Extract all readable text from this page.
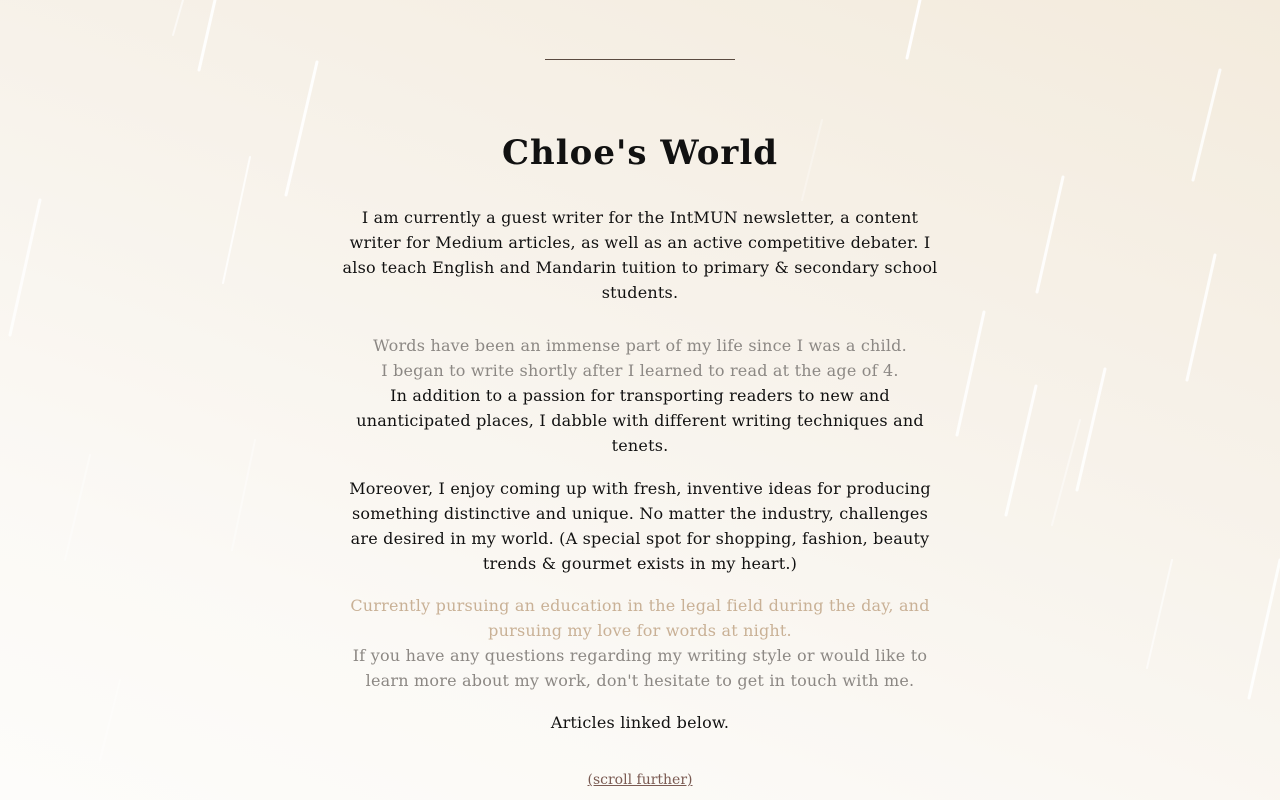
Chloe's World

I am currently a guest writer for the IntMUN newsletter, a content writer for Medium articles, as well as an active competitive debater. I also teach English and Mandarin tuition to primary & secondary school students.

Words have been an immense part of my life since I was a child.
I began to write shortly after I learned to read at the age of 4.
In addition to a passion for transporting readers to new and unanticipated places, I dabble with different writing techniques and tenets.

Moreover, I enjoy coming up with fresh, inventive ideas for producing something distinctive and unique. No matter the industry, challenges are desired in my world. (A special spot for shopping, fashion, beauty trends & gourmet exists in my heart.)

Currently pursuing an education in the legal field during the day, and pursuing my love for words at night.
If you have any questions regarding my writing style or would like to learn more about my work, don't hesitate to get in touch with me.

Articles linked below.

(scroll further)
